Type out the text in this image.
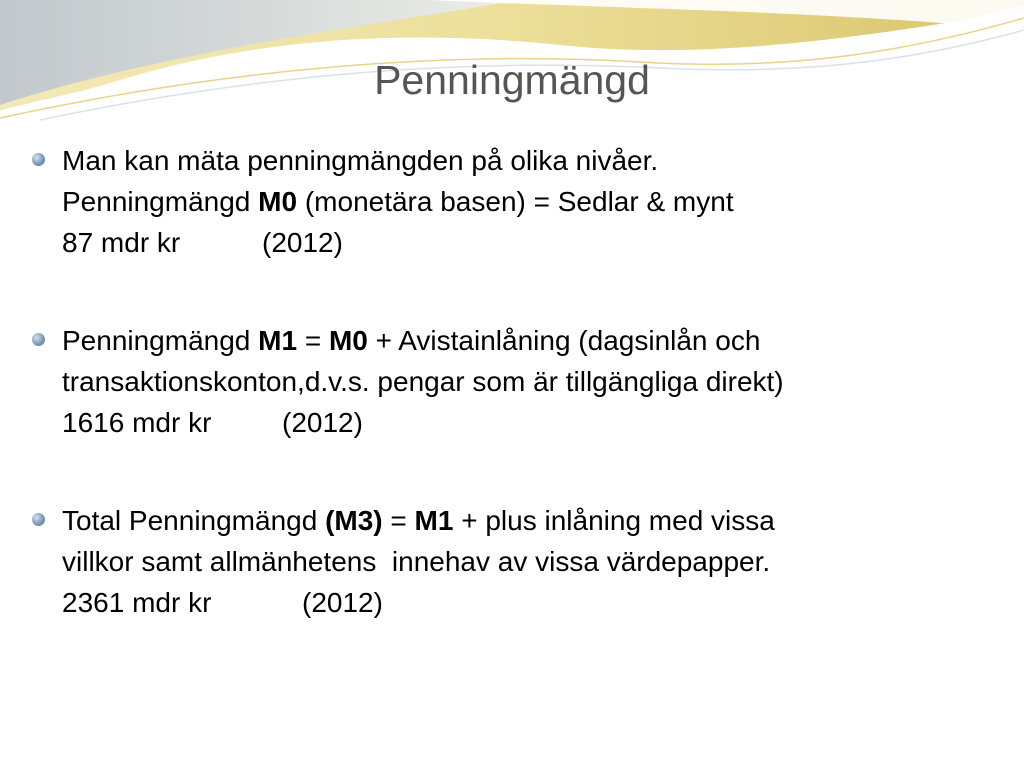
Penningmängd
Man kan mäta penningmängden på olika nivåer.
Penningmängd M0 (monetära basen) = Sedlar & mynt
87 mdr kr	(2012)
Penningmängd M1 = M0 + Avistainlåning (dagsinlån och
transaktionskonton,d.v.s. pengar som är tillgängliga direkt)
1616 mdr kr	(2012)
Total Penningmängd (M3) = M1 + plus inlåning med vissa
villkor samt allmänhetens  innehav av vissa värdepapper.
2361 mdr kr	(2012)
